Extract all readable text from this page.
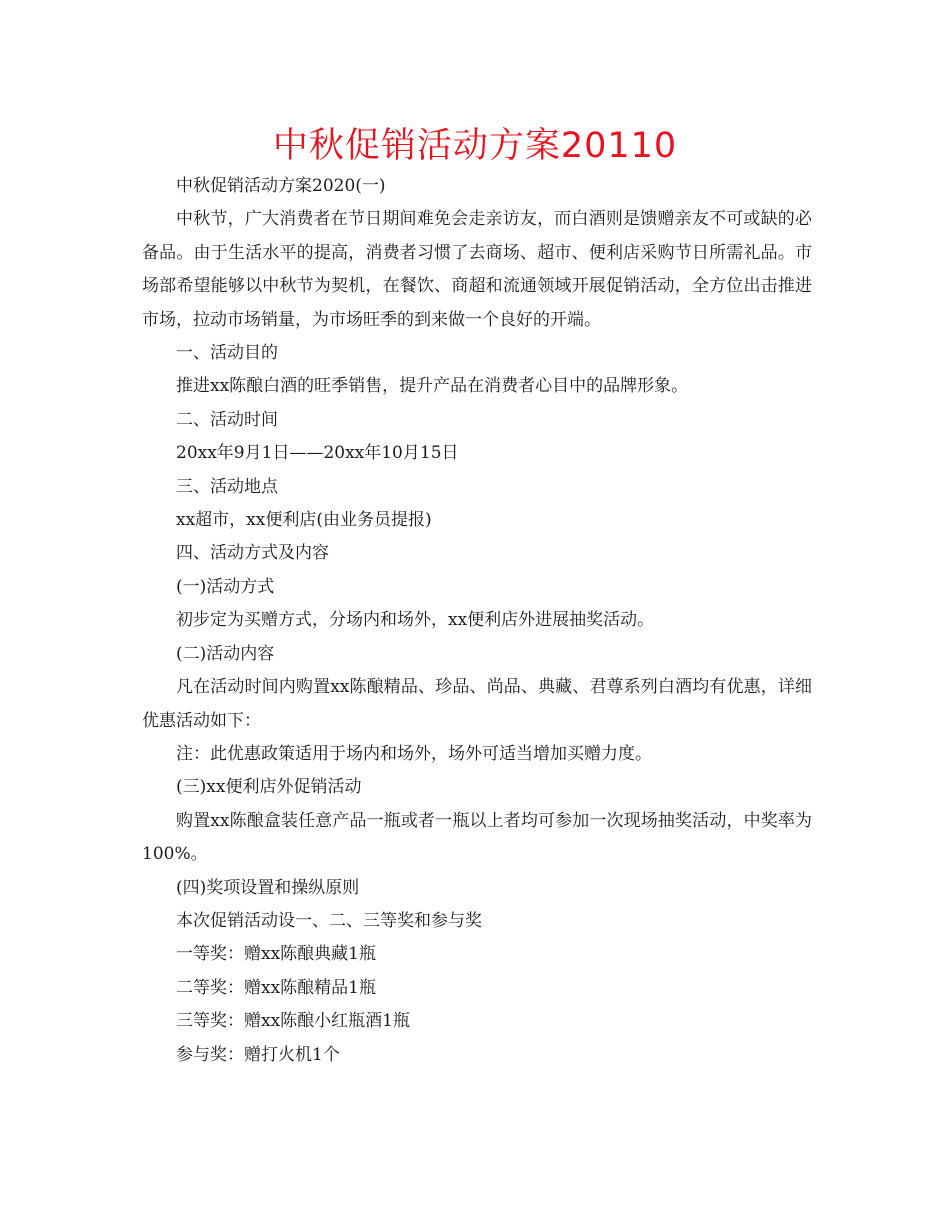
中秋促销活动方案20110

中秋促销活动方案2020(一)

中秋节，广大消费者在节日期间难免会走亲访友，而白酒则是馈赠亲友不可或缺的必备品。由于生活水平的提高，消费者习惯了去商场、超市、便利店采购节日所需礼品。市场部希望能够以中秋节为契机，在餐饮、商超和流通领域开展促销活动，全方位出击推进市场，拉动市场销量，为市场旺季的到来做一个良好的开端。

一、活动目的

推进xx陈酿白酒的旺季销售，提升产品在消费者心目中的品牌形象。

二、活动时间

20xx年9月1日——20xx年10月15日

三、活动地点

xx超市，xx便利店(由业务员提报)

四、活动方式及内容

(一)活动方式

初步定为买赠方式，分场内和场外，xx便利店外进展抽奖活动。

(二)活动内容

凡在活动时间内购置xx陈酿精品、珍品、尚品、典藏、君尊系列白酒均有优惠，详细优惠活动如下：

注：此优惠政策适用于场内和场外，场外可适当增加买赠力度。

(三)xx便利店外促销活动

购置xx陈酿盒装任意产品一瓶或者一瓶以上者均可参加一次现场抽奖活动，中奖率为100%。

(四)奖项设置和操纵原则

本次促销活动设一、二、三等奖和参与奖

一等奖：赠xx陈酿典藏1瓶

二等奖：赠xx陈酿精品1瓶

三等奖：赠xx陈酿小红瓶酒1瓶

参与奖：赠打火机1个
